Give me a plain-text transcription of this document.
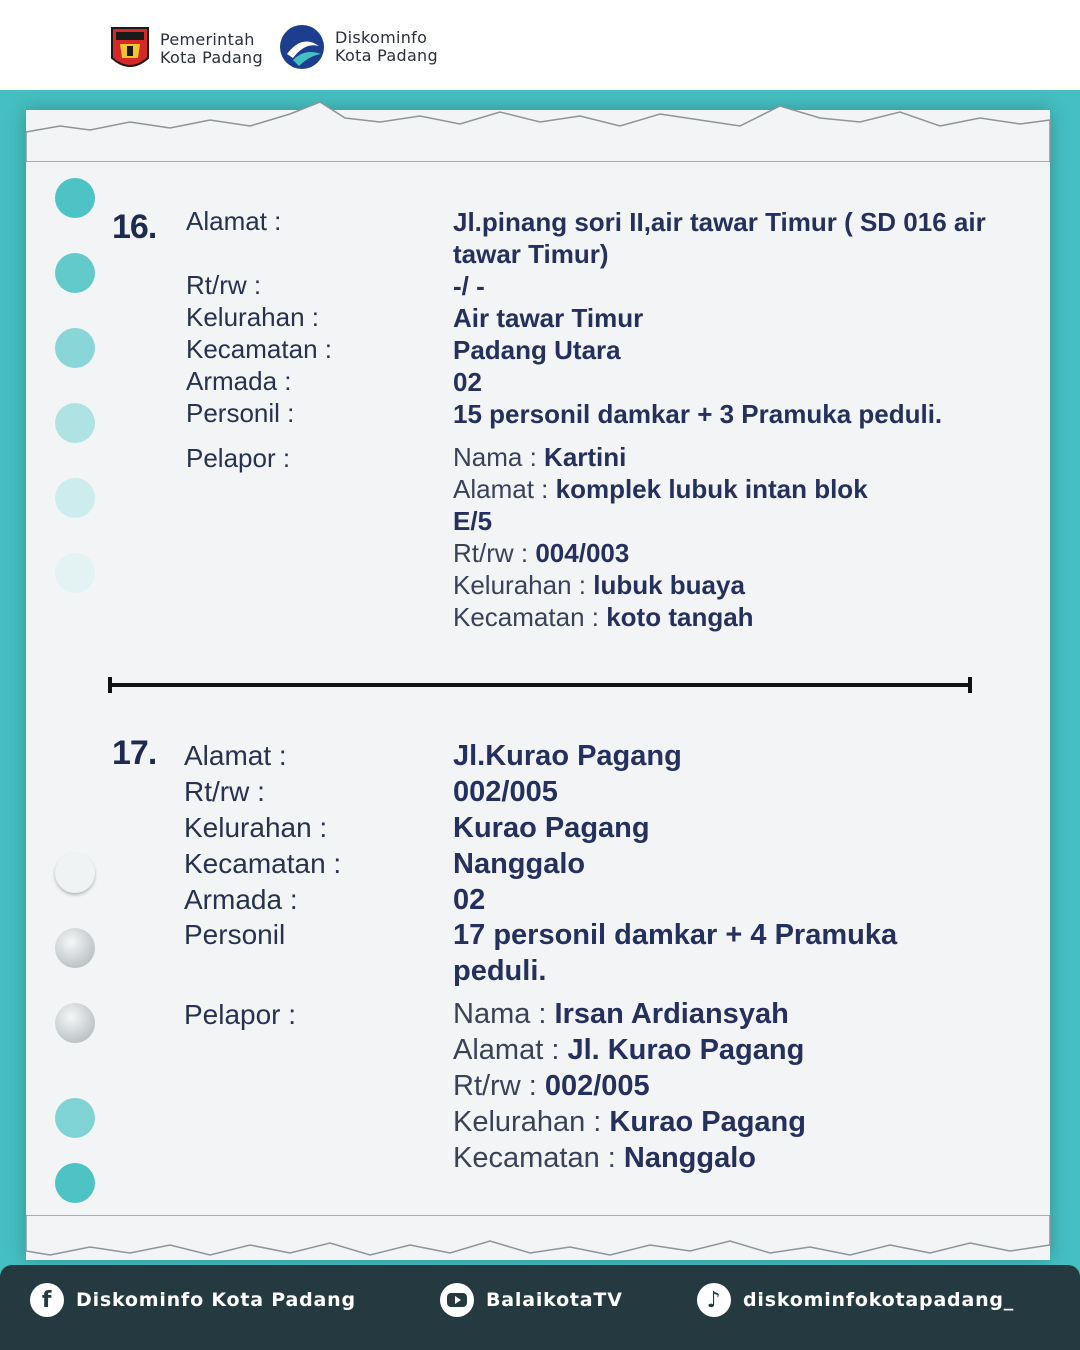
Pemerintah
Kota Padang
Diskominfo
Kota Padang
16. Alamat :	Jl.pinang sori II,air tawar Timur ( SD 016 air
tawar Timur)
Rt/rw :	-/ -
Kelurahan :	Air tawar Timur
Kecamatan :	Padang Utara
Armada :	02
Personil :	15 personil damkar + 3 Pramuka peduli.
Pelapor :	Nama : Kartini
Alamat : komplek lubuk intan blok
E/5
Rt/rw : 004/003
Kelurahan : lubuk buaya
Kecamatan : koto tangah
17. Alamat :	Jl.Kurao Pagang
Rt/rw :	002/005
Kelurahan :	Kurao Pagang
Kecamatan :	Nanggalo
Armada :	02
Personil	17 personil damkar + 4 Pramuka
peduli.
Pelapor :	Nama : Irsan Ardiansyah
Alamat : Jl. Kurao Pagang
Rt/rw : 002/005
Kelurahan : Kurao Pagang
Kecamatan : Nanggalo
f	Diskominfo Kota Padang	BalaikotaTV	♪	diskominfokotapadang_
